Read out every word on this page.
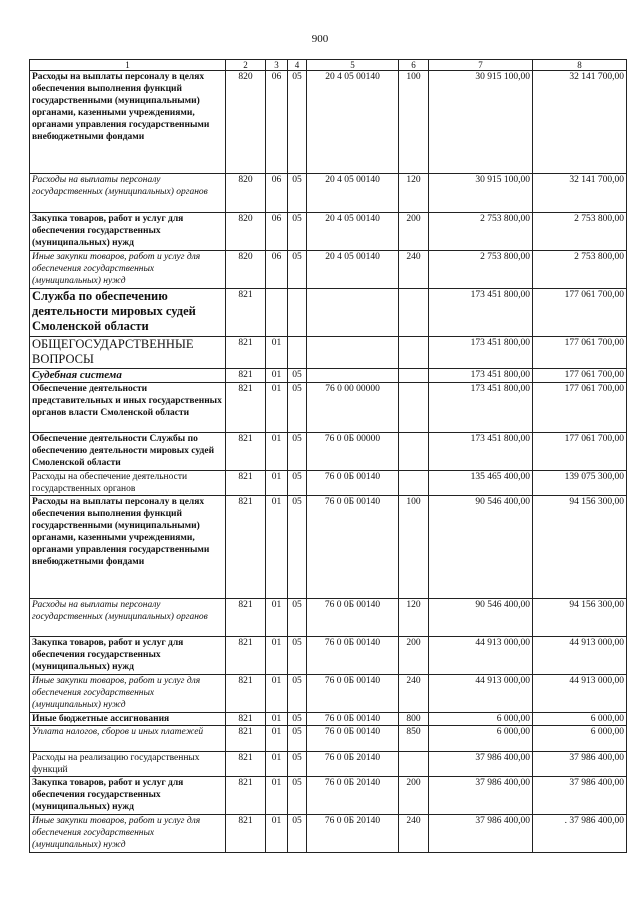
900
1	2	3	4	5	6	7	8
Расходы на выплаты персоналу в целях обеспечения выполнения функций государственными (муниципальными) органами, казенными учреждениями, органами управления государственными внебюджетными фондами	820	06	05	20 4 05 00140	100	30 915 100,00	32 141 700,00
Расходы на выплаты персоналу государственных (муниципальных) органов	820	06	05	20 4 05 00140	120	30 915 100,00	32 141 700,00
Закупка товаров, работ и услуг для обеспечения государственных (муниципальных) нужд	820	06	05	20 4 05 00140	200	2 753 800,00	2 753 800,00
Иные закупки товаров, работ и услуг для обеспечения государственных (муниципальных) нужд	820	06	05	20 4 05 00140	240	2 753 800,00	2 753 800,00
Служба по обеспечению деятельности мировых судей Смоленской области	821					173 451 800,00	177 061 700,00
ОБЩЕГОСУДАРСТВЕННЫЕ ВОПРОСЫ	821	01				173 451 800,00	177 061 700,00
Судебная система	821	01	05			173 451 800,00	177 061 700,00
Обеспечение деятельности представительных и иных государственных органов власти Смоленской области	821	01	05	76 0 00 00000		173 451 800,00	177 061 700,00
Обеспечение деятельности Службы по обеспечению деятельности мировых судей Смоленской области	821	01	05	76 0 0Б 00000		173 451 800,00	177 061 700,00
Расходы на обеспечение деятельности государственных органов	821	01	05	76 0 0Б 00140		135 465 400,00	139 075 300,00
Расходы на выплаты персоналу в целях обеспечения выполнения функций государственными (муниципальными) органами, казенными учреждениями, органами управления государственными внебюджетными фондами	821	01	05	76 0 0Б 00140	100	90 546 400,00	94 156 300,00
Расходы на выплаты персоналу государственных (муниципальных) органов	821	01	05	76 0 0Б 00140	120	90 546 400,00	94 156 300,00
Закупка товаров, работ и услуг для обеспечения государственных (муниципальных) нужд	821	01	05	76 0 0Б 00140	200	44 913 000,00	44 913 000,00
Иные закупки товаров, работ и услуг для обеспечения государственных (муниципальных) нужд	821	01	05	76 0 0Б 00140	240	44 913 000,00	44 913 000,00
Иные бюджетные ассигнования	821	01	05	76 0 0Б 00140	800	6 000,00	6 000,00
Уплата налогов, сборов и иных платежей	821	01	05	76 0 0Б 00140	850	6 000,00	6 000,00
Расходы на реализацию государственных функций	821	01	05	76 0 0Б 20140		37 986 400,00	37 986 400,00
Закупка товаров, работ и услуг для обеспечения государственных (муниципальных) нужд	821	01	05	76 0 0Б 20140	200	37 986 400,00	37 986 400,00
Иные закупки товаров, работ и услуг для обеспечения государственных (муниципальных) нужд	821	01	05	76 0 0Б 20140	240	37 986 400,00	. 37 986 400,00
